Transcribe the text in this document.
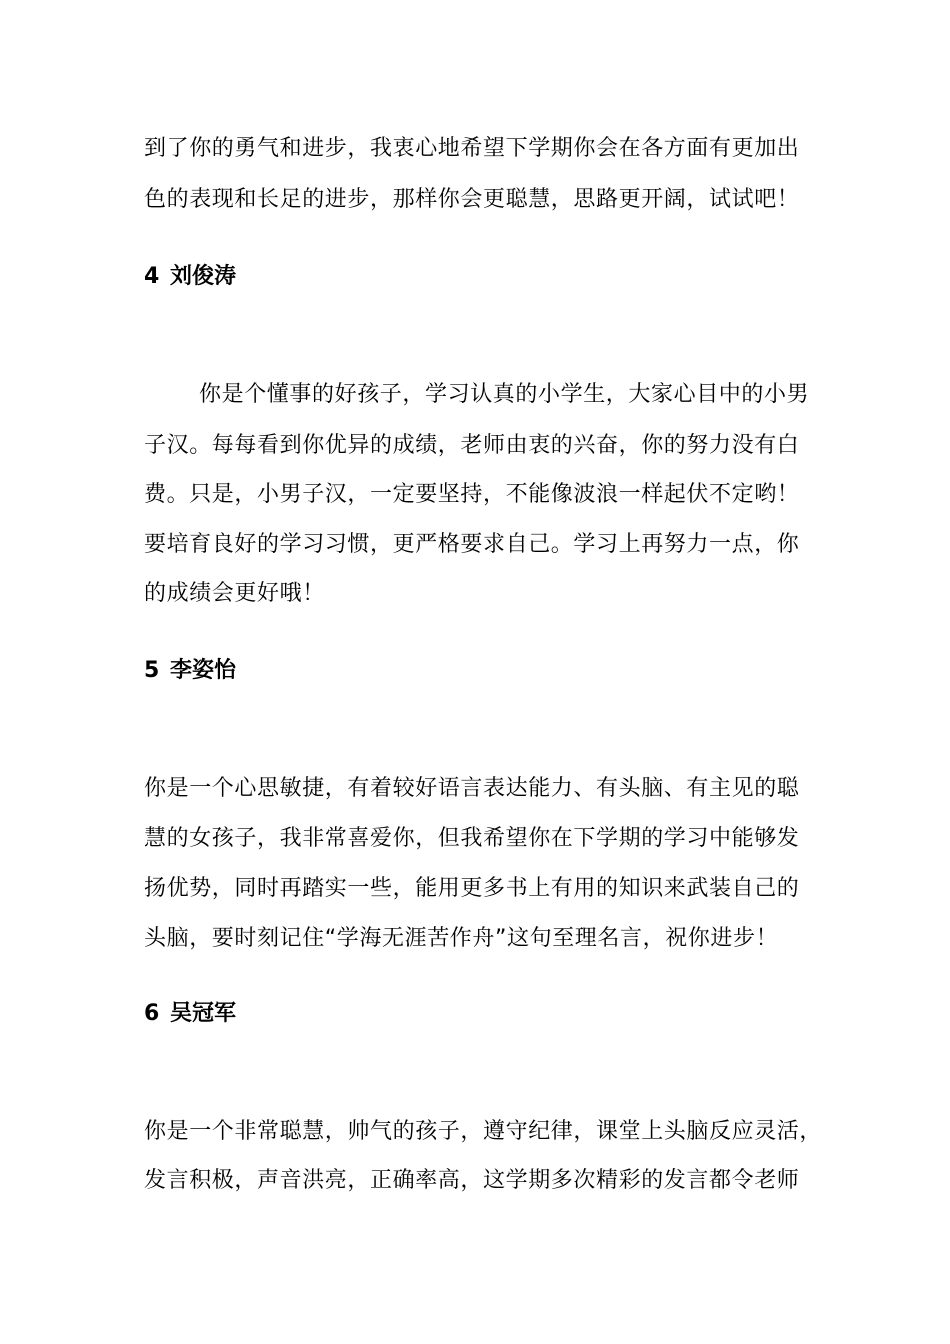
到了你的勇气和进步，我衷心地希望下学期你会在各方面有更加出
色的表现和长足的进步，那样你会更聪慧，思路更开阔，试试吧！
4 刘俊涛
你是个懂事的好孩子，学习认真的小学生，大家心目中的小男
子汉。每每看到你优异的成绩，老师由衷的兴奋，你的努力没有白
费。只是，小男子汉，一定要坚持，不能像波浪一样起伏不定哟！
要培育良好的学习习惯，更严格要求自己。学习上再努力一点，你
的成绩会更好哦！
5 李姿怡
你是一个心思敏捷，有着较好语言表达能力、有头脑、有主见的聪
慧的女孩子，我非常喜爱你，但我希望你在下学期的学习中能够发
扬优势，同时再踏实一些，能用更多书上有用的知识来武装自己的
头脑，要时刻记住“学海无涯苦作舟”这句至理名言，祝你进步！
6 吴冠军
你是一个非常聪慧，帅气的孩子，遵守纪律，课堂上头脑反应灵活，
发言积极，声音洪亮，正确率高，这学期多次精彩的发言都令老师
